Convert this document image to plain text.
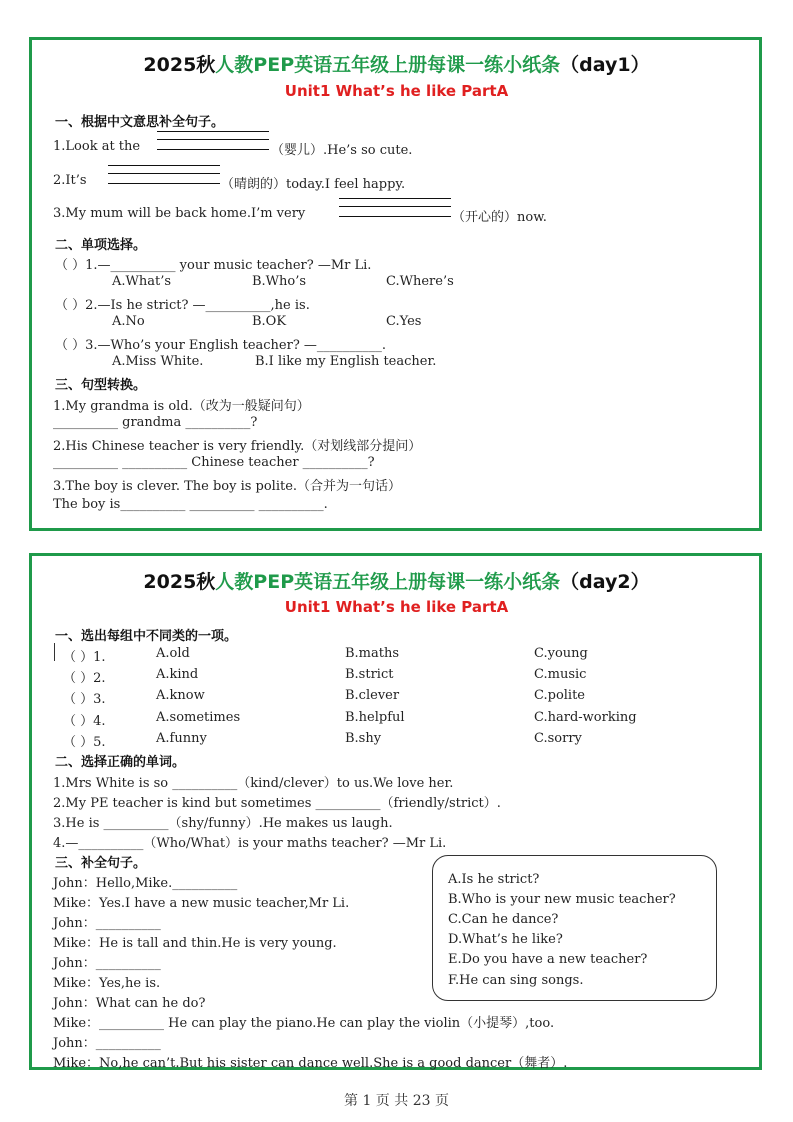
2025秋人教PEP英语五年级上册每课一练小纸条（day1）
Unit1 What’s he like PartA
一、根据中文意思补全句子。
1.Look at the	（婴儿）.He’s so cute.
2.It’s	（晴朗的）today.I feel happy.
3.My mum will be back home.I’m very	（开心的）now.
二、单项选择。
（ ）1.—__________ your music teacher? —Mr Li.
A.What’s	B.Who’s	C.Where’s
（ ）2.—Is he strict? —__________,he is.
A.No	B.OK	C.Yes
（ ）3.—Who’s your English teacher? —__________.
A.Miss White.	B.I like my English teacher.
三、句型转换。
1.My grandma is old.（改为一般疑问句）
__________ grandma __________?
2.His Chinese teacher is very friendly.（对划线部分提问）
__________ __________ Chinese teacher __________?
3.The boy is clever. The boy is polite.（合并为一句话）
The boy is__________ __________ __________.
2025秋人教PEP英语五年级上册每课一练小纸条（day2）
Unit1 What’s he like PartA
一、选出每组中不同类的一项。
（ ）1.	A.old	B.maths	C.young
（ ）2.	A.kind	B.strict	C.music
（ ）3.	A.know	B.clever	C.polite
（ ）4.	A.sometimes	B.helpful	C.hard-working
（ ）5.	A.funny	B.shy	C.sorry
二、选择正确的单词。
1.Mrs White is so __________（kind/clever）to us.We love her.
2.My PE teacher is kind but sometimes __________（friendly/strict）.
3.He is __________（shy/funny）.He makes us laugh.
4.—__________（Who/What）is your maths teacher? —Mr Li.
三、补全句子。
John：Hello,Mike.__________
Mike：Yes.I have a new music teacher,Mr Li.
John：__________
Mike：He is tall and thin.He is very young.
John：__________
Mike：Yes,he is.
John：What can he do?
Mike：__________ He can play the piano.He can play the violin（小提琴）,too.
John：__________
Mike：No,he can’t.But his sister can dance well.She is a good dancer（舞者）.
A.Is he strict?
B.Who is your new music teacher?
C.Can he dance?
D.What’s he like?
E.Do you have a new teacher?
F.He can sing songs.
第 1 页 共 23 页
